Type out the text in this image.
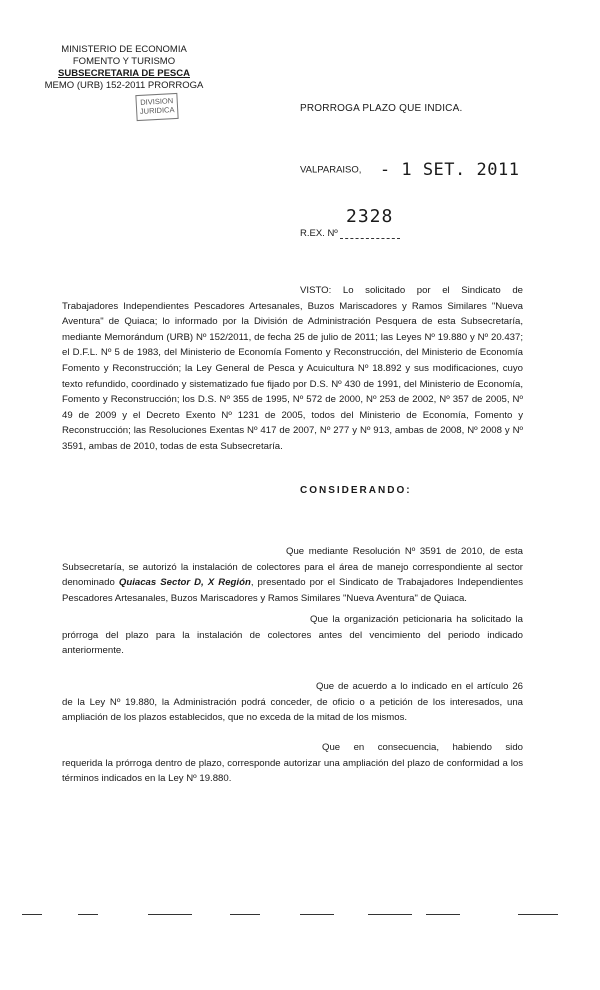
MINISTERIO DE ECONOMIA
FOMENTO Y TURISMO
SUBSECRETARIA DE PESCA
MEMO (URB) 152-2011 PRORROGA
DIVISION
JURIDICA	PRORROGA PLAZO QUE INDICA.
VALPARAISO, - 1 SET. 2011
2328
R.EX. Nº

VISTO: Lo solicitado por el Sindicato de Trabajadores Independientes Pescadores Artesanales, Buzos Mariscadores y Ramos Similares "Nueva Aventura" de Quiaca; lo informado por la División de Administración Pesquera de esta Subsecretaría, mediante Memorándum (URB) Nº 152/2011, de fecha 25 de julio de 2011; las Leyes Nº 19.880 y Nº 20.437; el D.F.L. Nº 5 de 1983, del Ministerio de Economía Fomento y Reconstrucción, del Ministerio de Economía Fomento y Reconstrucción; la Ley General de Pesca y Acuicultura Nº 18.892 y sus modificaciones, cuyo texto refundido, coordinado y sistematizado fue fijado por D.S. Nº 430 de 1991, del Ministerio de Economía, Fomento y Reconstrucción; los D.S. Nº 355 de 1995, Nº 572 de 2000, Nº 253 de 2002, Nº 357 de 2005, Nº 49 de 2009 y el Decreto Exento Nº 1231 de 2005, todos del Ministerio de Economía, Fomento y Reconstrucción; las Resoluciones Exentas Nº 417 de 2007, Nº 277 y Nº 913, ambas de 2008, Nº 2008 y Nº 3591, ambas de 2010, todas de esta Subsecretaría.

CONSIDERANDO:

Que mediante Resolución Nº 3591 de 2010, de esta Subsecretaría, se autorizó la instalación de colectores para el área de manejo correspondiente al sector denominado Quiacas Sector D, X Región, presentado por el Sindicato de Trabajadores Independientes Pescadores Artesanales, Buzos Mariscadores y Ramos Similares "Nueva Aventura" de Quiaca.

Que la organización peticionaria ha solicitado la prórroga del plazo para la instalación de colectores antes del vencimiento del periodo indicado anteriormente.

Que de acuerdo a lo indicado en el artículo 26 de la Ley Nº 19.880, la Administración podrá conceder, de oficio o a petición de los interesados, una ampliación de los plazos establecidos, que no exceda de la mitad de los mismos.

Que en consecuencia, habiendo sido requerida la prórroga dentro de plazo, corresponde autorizar una ampliación del plazo de conformidad a los términos indicados en la Ley Nº 19.880.
